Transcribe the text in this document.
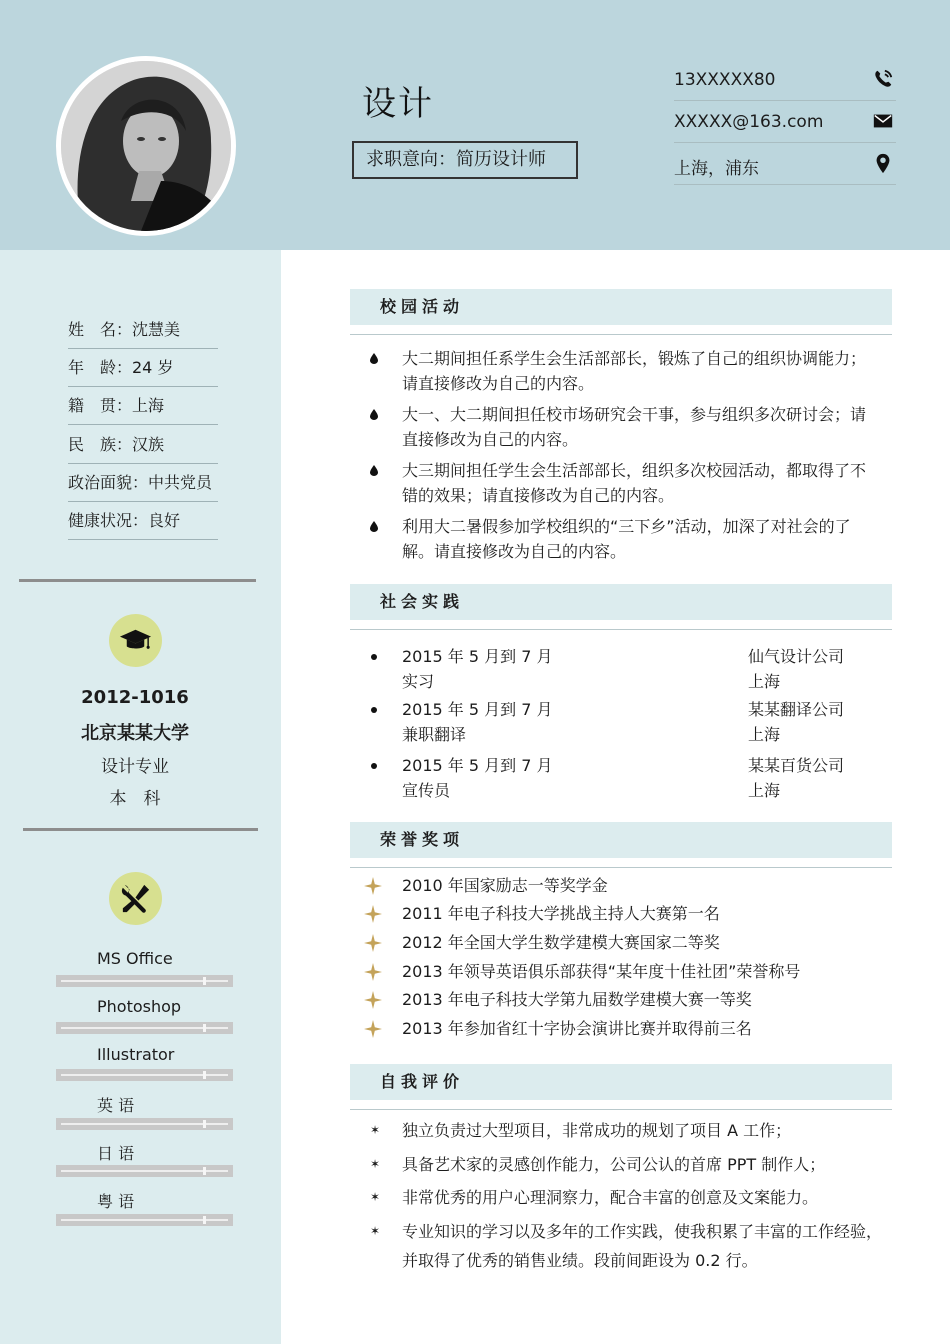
设计
求职意向：简历设计师
13XXXXX80
XXXXX@163.com
上海，浦东
姓　名：沈慧美
年　龄：24 岁
籍　贯：上海
民　族：汉族
政治面貌：中共党员
健康状况：良好
2012-1016
北京某某大学
设计专业
本　科
MS Office
Photoshop
Illustrator
英 语
日 语
粤 语
校园活动
大二期间担任系学生会生活部部长，锻炼了自己的组织协调能力；请直接修改为自己的内容。
大一、大二期间担任校市场研究会干事，参与组织多次研讨会；请直接修改为自己的内容。
大三期间担任学生会生活部部长，组织多次校园活动，都取得了不错的效果；请直接修改为自己的内容。
利用大二暑假参加学校组织的“三下乡”活动，加深了对社会的了解。请直接修改为自己的内容。
社会实践
2015 年 5 月到 7 月
实习
仙气设计公司
上海
2015 年 5 月到 7 月
兼职翻译
某某翻译公司
上海
2015 年 5 月到 7 月
宣传员
某某百货公司
上海
荣誉奖项
2010 年国家励志一等奖学金
2011 年电子科技大学挑战主持人大赛第一名
2012 年全国大学生数学建模大赛国家二等奖
2013 年领导英语俱乐部获得“某年度十佳社团”荣誉称号
2013 年电子科技大学第九届数学建模大赛一等奖
2013 年参加省红十字协会演讲比赛并取得前三名
自我评价
✶ 独立负责过大型项目，非常成功的规划了项目 A 工作；
✶ 具备艺术家的灵感创作能力，公司公认的首席 PPT 制作人；
✶ 非常优秀的用户心理洞察力，配合丰富的创意及文案能力。
✶ 专业知识的学习以及多年的工作实践，使我积累了丰富的工作经验，并取得了优秀的销售业绩。段前间距设为 0.2 行。
